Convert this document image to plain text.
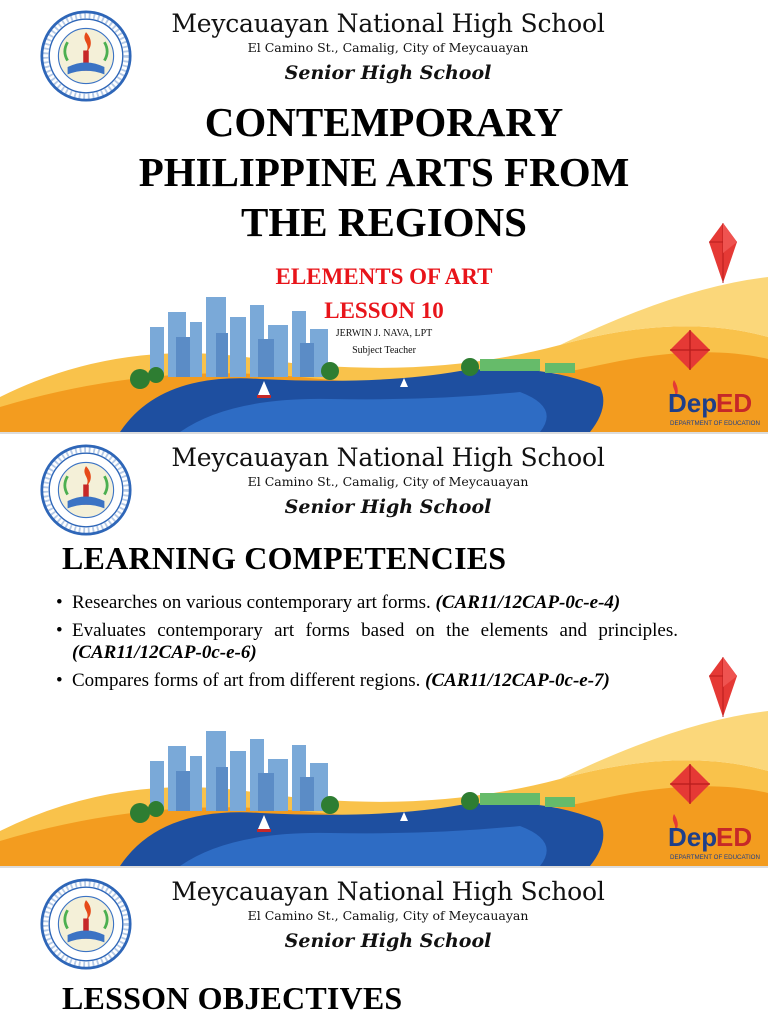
Meycauayan National High School
El Camino St., Camalig, City of Meycauayan
Senior High School
CONTEMPORARY
PHILIPPINE ARTS FROM
THE REGIONS
ELEMENTS OF ART
LESSON 10
JERWIN J. NAVA, LPT
Subject Teacher
Meycauayan National High School
El Camino St., Camalig, City of Meycauayan
Senior High School
LEARNING COMPETENCIES
• Researches on various contemporary art forms. (CAR11/12CAP-0c-e-4)
• Evaluates contemporary art forms based on the elements and principles. (CAR11/12CAP-0c-e-6)
• Compares forms of art from different regions. (CAR11/12CAP-0c-e-7)
Meycauayan National High School
El Camino St., Camalig, City of Meycauayan
Senior High School
LESSON OBJECTIVES
